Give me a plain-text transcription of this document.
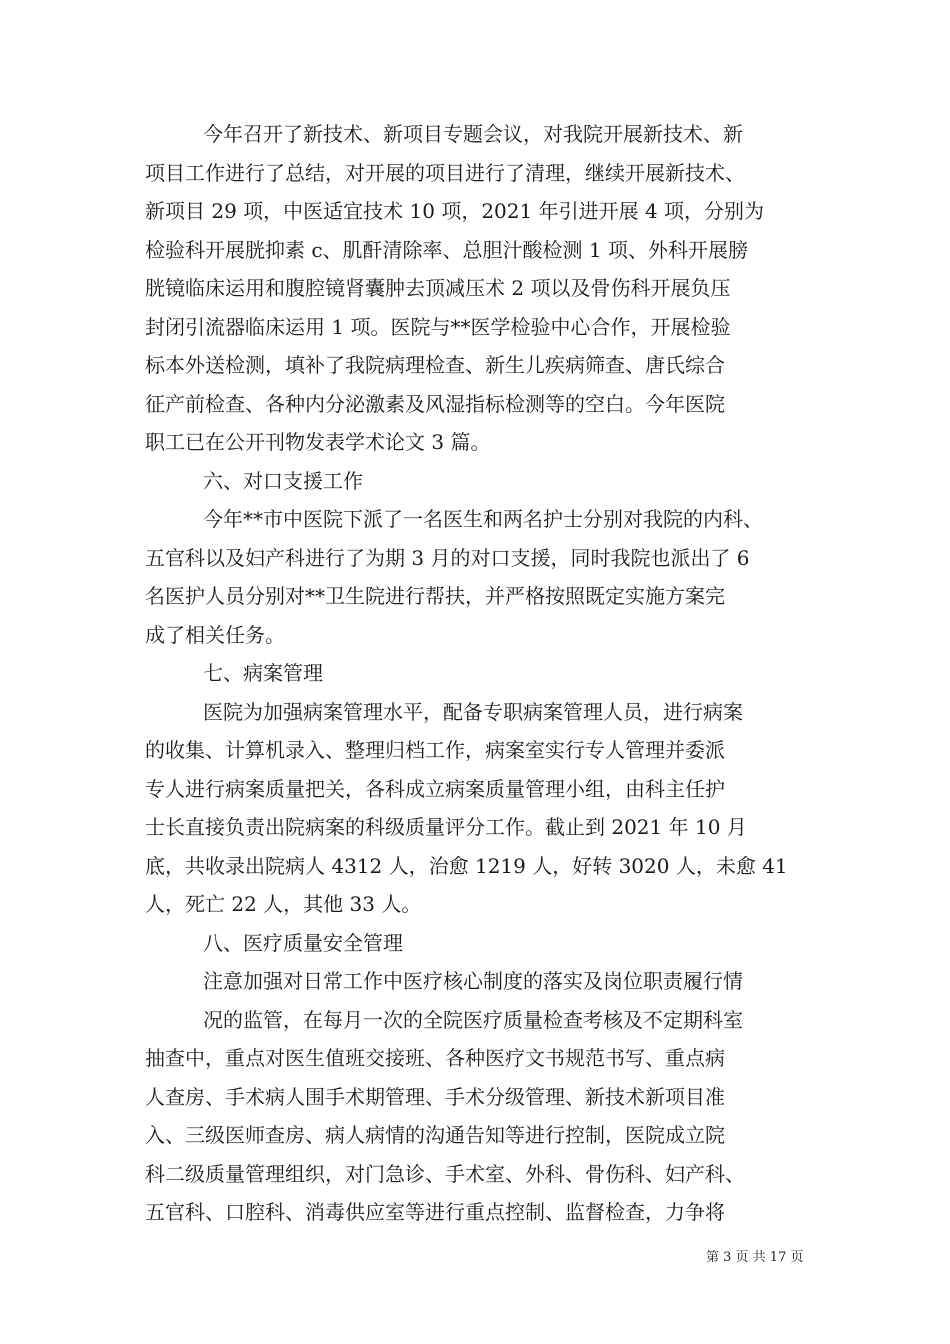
今年召开了新技术、新项目专题会议，对我院开展新技术、新
项目工作进行了总结，对开展的项目进行了清理，继续开展新技术、
新项目 29 项，中医适宜技术 10 项，2021 年引进开展 4 项，分别为
检验科开展胱抑素 c、肌酐清除率、总胆汁酸检测 1 项、外科开展膀
胱镜临床运用和腹腔镜肾囊肿去顶减压术 2 项以及骨伤科开展负压
封闭引流器临床运用 1 项。医院与**医学检验中心合作，开展检验
标本外送检测，填补了我院病理检查、新生儿疾病筛查、唐氏综合
征产前检查、各种内分泌激素及风湿指标检测等的空白。今年医院
职工已在公开刊物发表学术论文 3 篇。
六、对口支援工作
今年**市中医院下派了一名医生和两名护士分别对我院的内科、
五官科以及妇产科进行了为期 3 月的对口支援，同时我院也派出了 6
名医护人员分别对**卫生院进行帮扶，并严格按照既定实施方案完
成了相关任务。
七、病案管理
医院为加强病案管理水平，配备专职病案管理人员，进行病案
的收集、计算机录入、整理归档工作，病案室实行专人管理并委派
专人进行病案质量把关，各科成立病案质量管理小组，由科主任护
士长直接负责出院病案的科级质量评分工作。截止到 2021 年 10 月
底，共收录出院病人 4312 人，治愈 1219 人，好转 3020 人，未愈 41
人，死亡 22 人，其他 33 人。
八、医疗质量安全管理
注意加强对日常工作中医疗核心制度的落实及岗位职责履行情
况的监管，在每月一次的全院医疗质量检查考核及不定期科室
抽查中，重点对医生值班交接班、各种医疗文书规范书写、重点病
人查房、手术病人围手术期管理、手术分级管理、新技术新项目准
入、三级医师查房、病人病情的沟通告知等进行控制，医院成立院
科二级质量管理组织，对门急诊、手术室、外科、骨伤科、妇产科、
五官科、口腔科、消毒供应室等进行重点控制、监督检查，力争将
第 3 页 共 17 页
